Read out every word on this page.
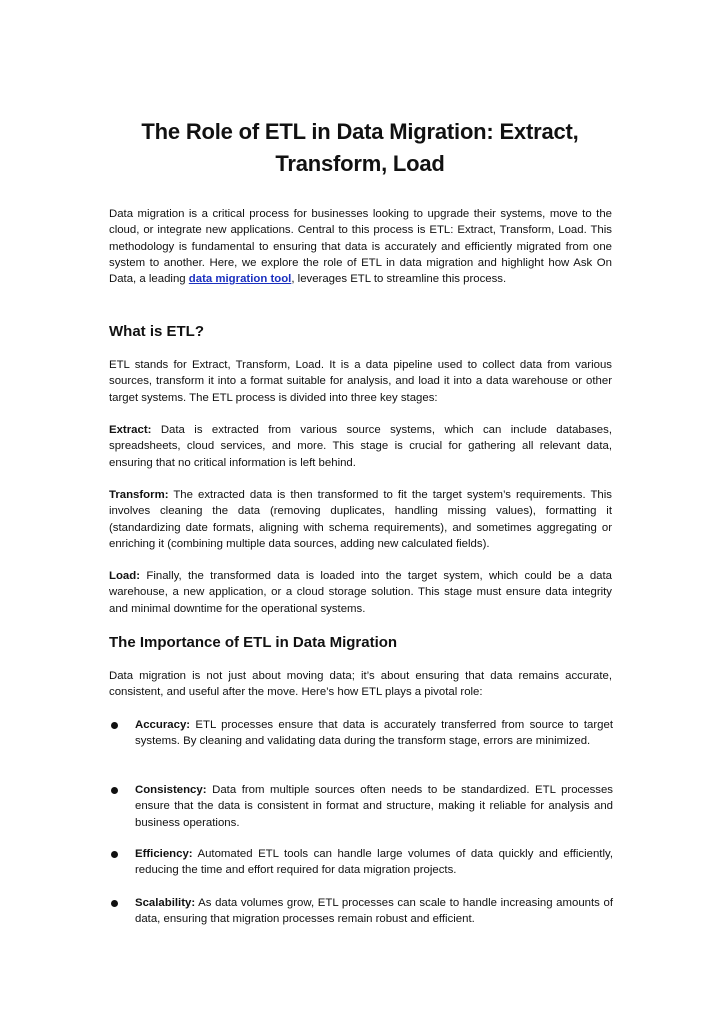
The Role of ETL in Data Migration: Extract,
Transform, Load

Data migration is a critical process for businesses looking to upgrade their systems, move to the cloud, or integrate new applications. Central to this process is ETL: Extract, Transform, Load. This methodology is fundamental to ensuring that data is accurately and efficiently migrated from one system to another. Here, we explore the role of ETL in data migration and highlight how Ask On Data, a leading data migration tool, leverages ETL to streamline this process.

What is ETL?

ETL stands for Extract, Transform, Load. It is a data pipeline used to collect data from various sources, transform it into a format suitable for analysis, and load it into a data warehouse or other target systems. The ETL process is divided into three key stages:

Extract: Data is extracted from various source systems, which can include databases, spreadsheets, cloud services, and more. This stage is crucial for gathering all relevant data, ensuring that no critical information is left behind.

Transform: The extracted data is then transformed to fit the target system’s requirements. This involves cleaning the data (removing duplicates, handling missing values), formatting it (standardizing date formats, aligning with schema requirements), and sometimes aggregating or enriching it (combining multiple data sources, adding new calculated fields).

Load: Finally, the transformed data is loaded into the target system, which could be a data warehouse, a new application, or a cloud storage solution. This stage must ensure data integrity and minimal downtime for the operational systems.

The Importance of ETL in Data Migration

Data migration is not just about moving data; it’s about ensuring that data remains accurate, consistent, and useful after the move. Here’s how ETL plays a pivotal role:

Accuracy: ETL processes ensure that data is accurately transferred from source to target systems. By cleaning and validating data during the transform stage, errors are minimized.

Consistency: Data from multiple sources often needs to be standardized. ETL processes ensure that the data is consistent in format and structure, making it reliable for analysis and business operations.

Efficiency: Automated ETL tools can handle large volumes of data quickly and efficiently, reducing the time and effort required for data migration projects.

Scalability: As data volumes grow, ETL processes can scale to handle increasing amounts of data, ensuring that migration processes remain robust and efficient.
